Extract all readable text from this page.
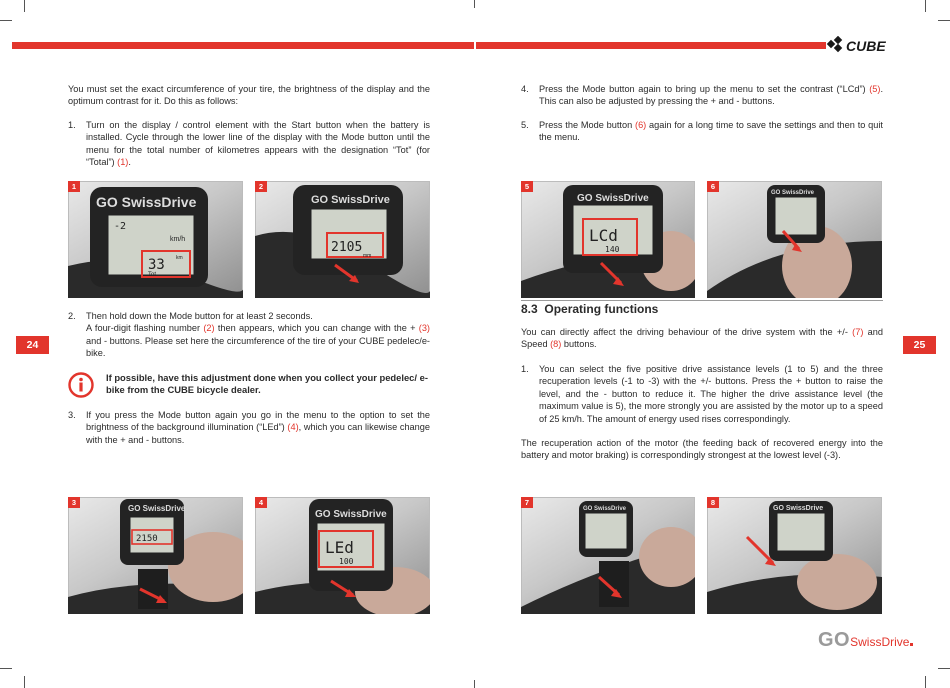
CUBE
24	25

You must set the exact circumference of your tire, the brightness of the display and the optimum contrast for it. Do this as follows:

1. Turn on the display / control element with the Start button when the battery is installed. Cycle through the lower line of the display with the Mode button until the menu for the total number of kilometres appears with the designation “Tot” (for “Total”) (1).
1
GO SwissDrive
-2
km/h
33 km
Tot
2
GO SwissDrive
2105
mm
2. Then hold down the Mode button for at least 2 seconds.
A four-digit flashing number (2) then appears, which you can change with the + (3) and - buttons. Please set here the circumference of the tire of your CUBE pedelec/e-bike.
If possible, have this adjustment done when you collect your pedelec/ e-bike from the CUBE bicycle dealer.
3. If you press the Mode button again you go in the menu to the option to set the brightness of the background illumination (“LEd”) (4), which you can likewise change with the + and - buttons.
3
GO SwissDrive
2150
4
GO SwissDrive
LEd
100
4. Press the Mode button again to bring up the menu to set the contrast (“LCd”) (5). This can also be adjusted by pressing the + and - buttons.
5. Press the Mode button (6) again for a long time to save the settings and then to quit the menu.
5
GO SwissDrive
LCd
140
6
GO SwissDrive
8.3 Operating functions

You can directly affect the driving behaviour of the drive system with the +/- (7) and Speed (8) buttons.

1. You can select the five positive drive assistance levels (1 to 5) and the three recuperation levels (-1 to -3) with the +/- buttons. Press the + button to raise the level, and the - button to reduce it. The higher the drive assistance level (the maximum value is 5), the more strongly you are assisted by the motor up to a speed of 25 km/h. The amount of energy used rises correspondingly.

The recuperation action of the motor (the feeding back of recovered energy into the battery and motor braking) is correspondingly strongest at the lowest level (-3).

7
GO SwissDrive
8
GO SwissDrive
GOSwissDrive
